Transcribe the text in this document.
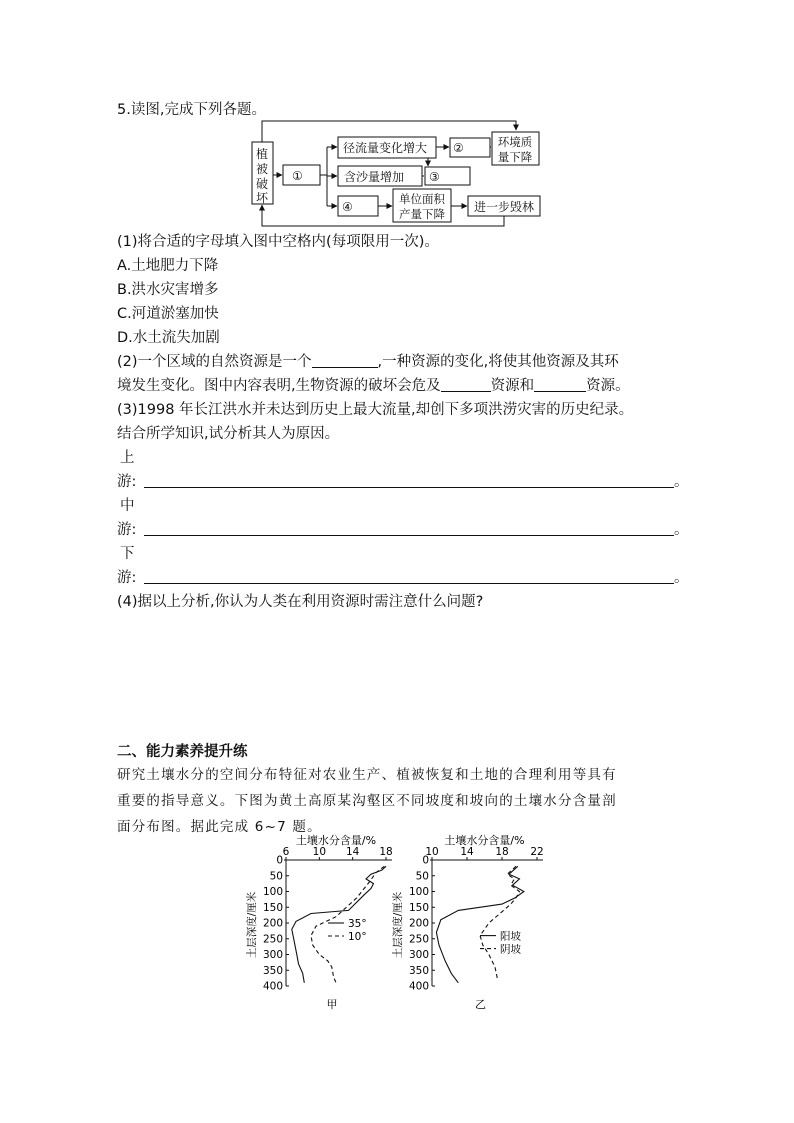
5.读图,完成下列各题。
植
被
破
坏
①
径流量变化增大 ②	环境质
量下降
含沙量增加 ③
④
单位面积
产量下降 进一步毁林
(1)将合适的字母填入图中空格内(每项限用一次)。
A.土地肥力下降
B.洪水灾害增多
C.河道淤塞加快
D.水土流失加剧
(2)一个区域的自然资源是一个	,一种资源的变化,将使其他资源及其环
境发生变化。图中内容表明,生物资源的破坏会危及	资源和	资源。
(3)1998 年长江洪水并未达到历史上最大流量,却创下多项洪涝灾害的历史纪录。
结合所学知识,试分析其人为原因。
上
游:	。
中
游:	。
下
游:	。
(4)据以上分析,你认为人类在利用资源时需注意什么问题?
二、能力素养提升练
研究土壤水分的空间分布特征对农业生产、植被恢复和土地的合理利用等具有
重要的指导意义。下图为黄土高原某沟壑区不同坡度和坡向的土壤水分含量剖
面分布图。据此完成 6~7 题。
土壤水分含量/%
6 10 14 18
0
50
100
150
200
250
300
350
400
土层深度/厘米	35°
10°
甲
土壤水分含量/%
10 14 18 22
0
50
100
150
200
250
300
350
400
土层深度/厘米	阳坡
阴坡
乙
